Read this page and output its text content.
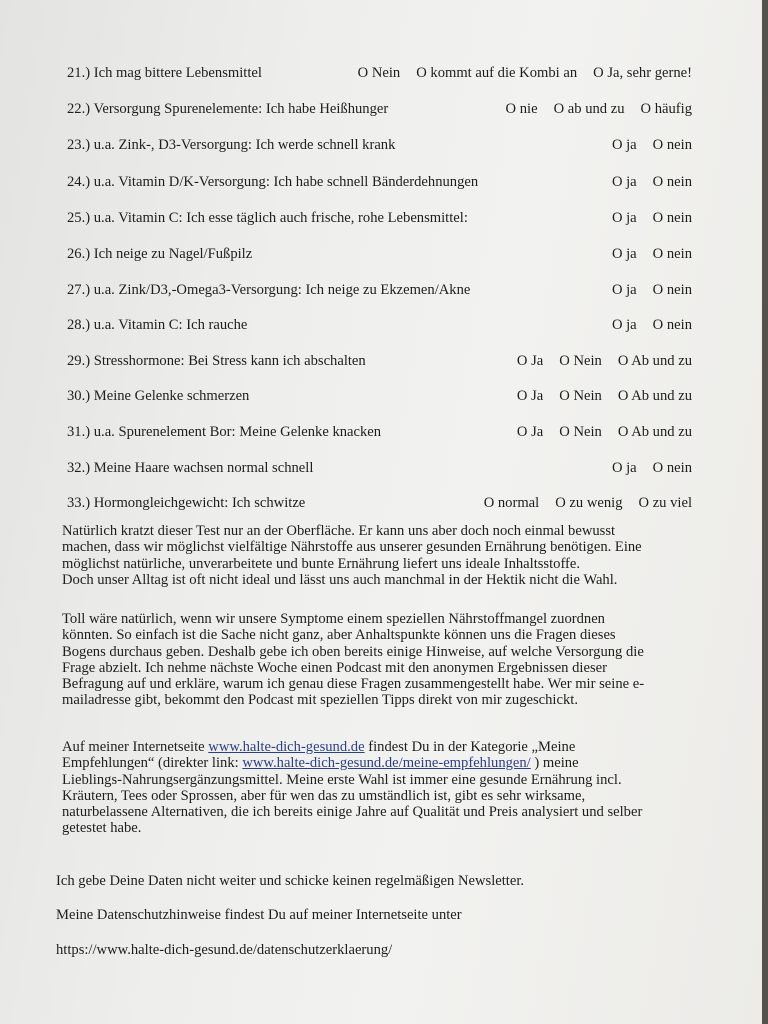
21.) Ich mag bittere Lebensmittel	O Nein O kommt auf die Kombi an O Ja, sehr gerne!
22.) Versorgung Spurenelemente: Ich habe Heißhunger	O nie O ab und zu O häufig
23.) u.a. Zink-, D3-Versorgung: Ich werde schnell krank	O ja O nein
24.) u.a. Vitamin D/K-Versorgung: Ich habe schnell Bänderdehnungen	O ja O nein
25.) u.a. Vitamin C: Ich esse täglich auch frische, rohe Lebensmittel:	O ja O nein
26.) Ich neige zu Nagel/Fußpilz	O ja O nein
27.) u.a. Zink/D3,-Omega3-Versorgung: Ich neige zu Ekzemen/Akne	O ja O nein
28.) u.a. Vitamin C: Ich rauche	O ja O nein
29.) Stresshormone: Bei Stress kann ich abschalten	O Ja O Nein O Ab und zu
30.) Meine Gelenke schmerzen	O Ja O Nein O Ab und zu
31.) u.a. Spurenelement Bor: Meine Gelenke knacken	O Ja O Nein O Ab und zu
32.) Meine Haare wachsen normal schnell	O ja O nein
33.) Hormongleichgewicht: Ich schwitze	O normal O zu wenig O zu viel

Natürlich kratzt dieser Test nur an der Oberfläche. Er kann uns aber doch noch einmal bewusst

machen, dass wir möglichst vielfältige Nährstoffe aus unserer gesunden Ernährung benötigen. Eine

möglichst natürliche, unverarbeitete und bunte Ernährung liefert uns ideale Inhaltsstoffe.

Doch unser Alltag ist oft nicht ideal und lässt uns auch manchmal in der Hektik nicht die Wahl.

Toll wäre natürlich, wenn wir unsere Symptome einem speziellen Nährstoffmangel zuordnen

könnten. So einfach ist die Sache nicht ganz, aber Anhaltspunkte können uns die Fragen dieses

Bogens durchaus geben. Deshalb gebe ich oben bereits einige Hinweise, auf welche Versorgung die

Frage abzielt. Ich nehme nächste Woche einen Podcast mit den anonymen Ergebnissen dieser

Befragung auf und erkläre, warum ich genau diese Fragen zusammengestellt habe. Wer mir seine e-

mailadresse gibt, bekommt den Podcast mit speziellen Tipps direkt von mir zugeschickt.

Auf meiner Internetseite www.halte-dich-gesund.de findest Du in der Kategorie „Meine

Empfehlungen“ (direkter link: www.halte-dich-gesund.de/meine-empfehlungen/ ) meine

Lieblings-Nahrungsergänzungsmittel. Meine erste Wahl ist immer eine gesunde Ernährung incl.

Kräutern, Tees oder Sprossen, aber für wen das zu umständlich ist, gibt es sehr wirksame,

naturbelassene Alternativen, die ich bereits einige Jahre auf Qualität und Preis analysiert und selber

getestet habe.

Ich gebe Deine Daten nicht weiter und schicke keinen regelmäßigen Newsletter.
Meine Datenschutzhinweise findest Du auf meiner Internetseite unter
https://www.halte-dich-gesund.de/datenschutzerklaerung/
